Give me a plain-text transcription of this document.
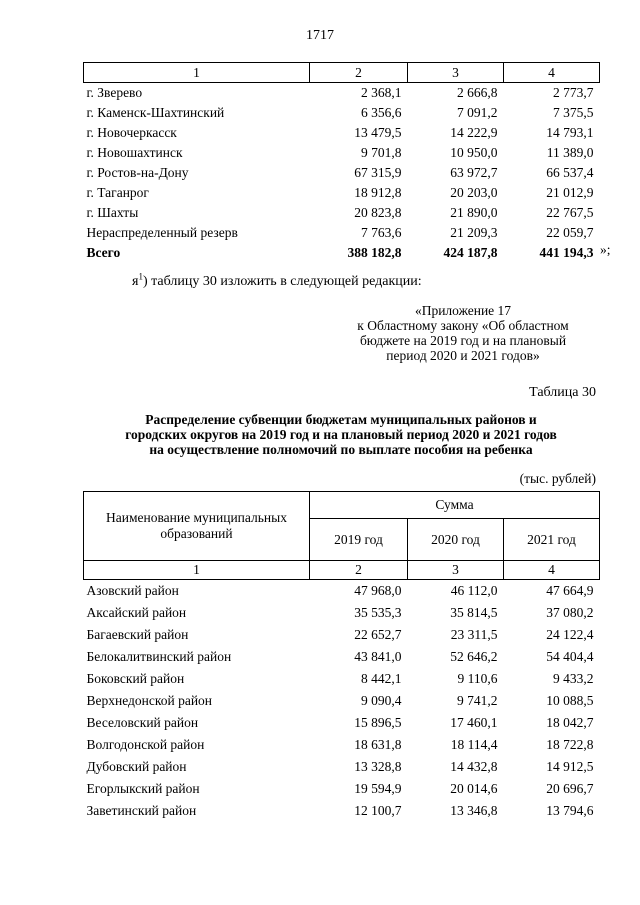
1717
1	2	3	4
г. Зверево	2 368,1	2 666,8	2 773,7
г. Каменск-Шахтинский	6 356,6	7 091,2	7 375,5
г. Новочеркасск	13 479,5	14 222,9	14 793,1
г. Новошахтинск	9 701,8	10 950,0	11 389,0
г. Ростов-на-Дону	67 315,9	63 972,7	66 537,4
г. Таганрог	18 912,8	20 203,0	21 012,9
г. Шахты	20 823,8	21 890,0	22 767,5
Нераспределенный резерв	7 763,6	21 209,3	22 059,7
Всего	388 182,8	424 187,8	441 194,3 »;
$я^1$) таблицу 30 изложить в следующей редакции:
«Приложение 17
к Областному закону «Об областном
бюджете на 2019 год и на плановый
период 2020 и 2021 годов»
Таблица 30
Распределение субвенции бюджетам муниципальных районов и
городских округов на 2019 год и на плановый период 2020 и 2021 годов
на осуществление полномочий по выплате пособия на ребенка
(тыс. рублей)
Наименование муниципальных образований	Сумма		
	2019 год	2020 год	2021 год
1	2	3	4
Азовский район	47 968,0	46 112,0	47 664,9
Аксайский район	35 535,3	35 814,5	37 080,2
Багаевский район	22 652,7	23 311,5	24 122,4
Белокалитвинский район	43 841,0	52 646,2	54 404,4
Боковский район	8 442,1	9 110,6	9 433,2
Верхнедонской район	9 090,4	9 741,2	10 088,5
Веселовский район	15 896,5	17 460,1	18 042,7
Волгодонской район	18 631,8	18 114,4	18 722,8
Дубовский район	13 328,8	14 432,8	14 912,5
Егорлыкский район	19 594,9	20 014,6	20 696,7
Заветинский район	12 100,7	13 346,8	13 794,6
